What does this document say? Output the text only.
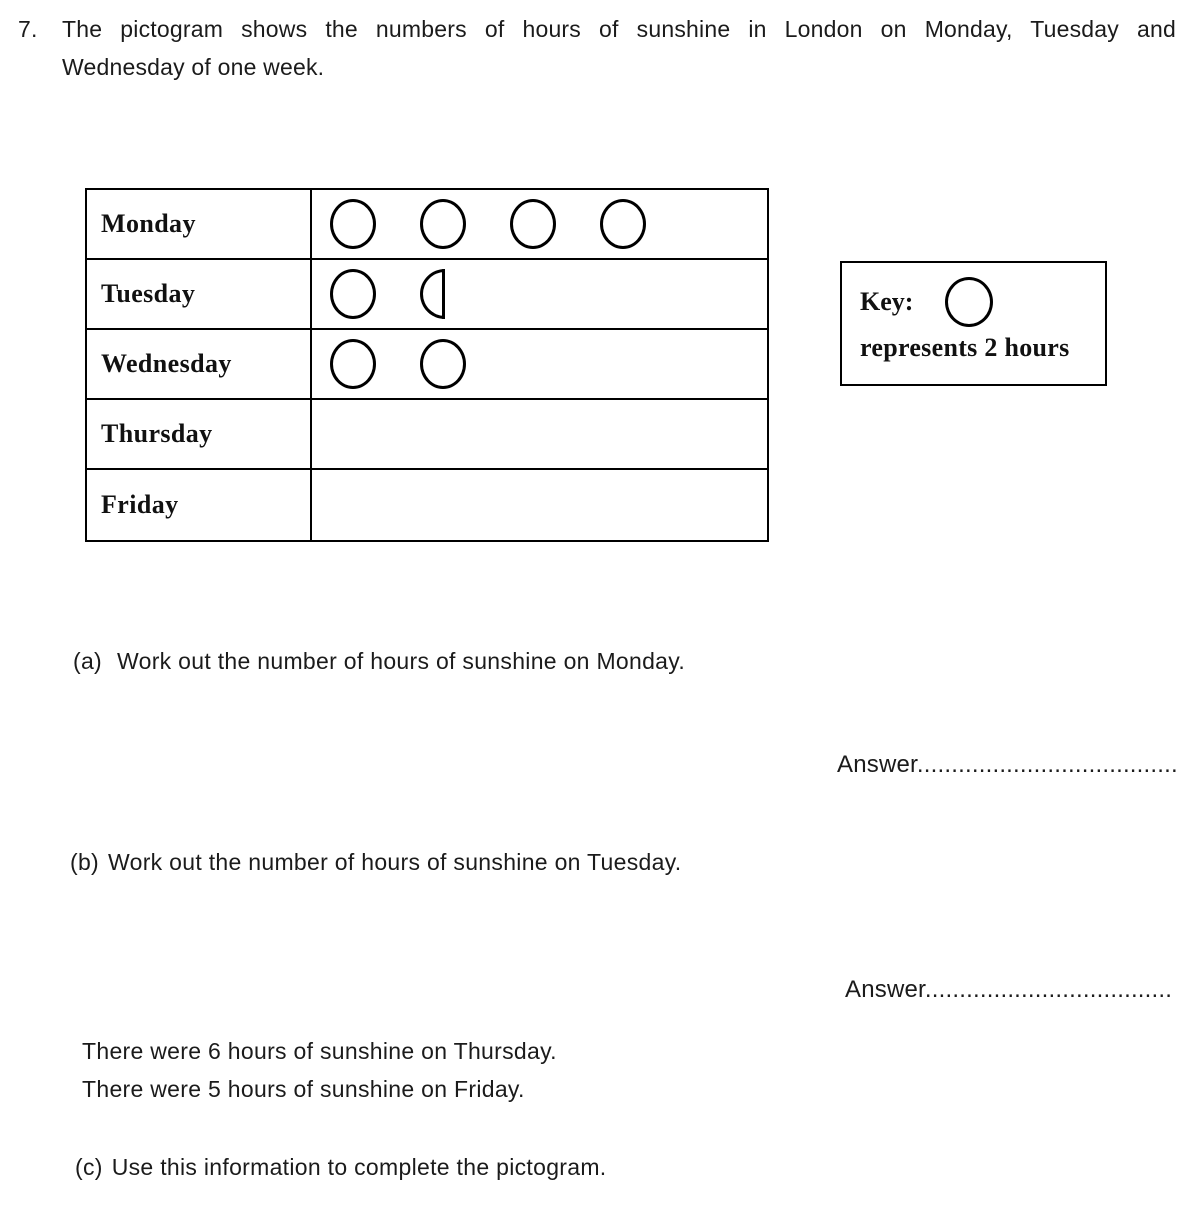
7. The pictogram shows the numbers of hours of sunshine in London on Monday, Tuesday and
Wednesday of one week.
Monday
Tuesday
Wednesday
Thursday
Friday
Key:
represents 2 hours
(a) Work out the number of hours of sunshine on Monday.
Answer......................................
(b) Work out the number of hours of sunshine on Tuesday.
Answer....................................
There were 6 hours of sunshine on Thursday.
There were 5 hours of sunshine on Friday.
(c) Use this information to complete the pictogram.
